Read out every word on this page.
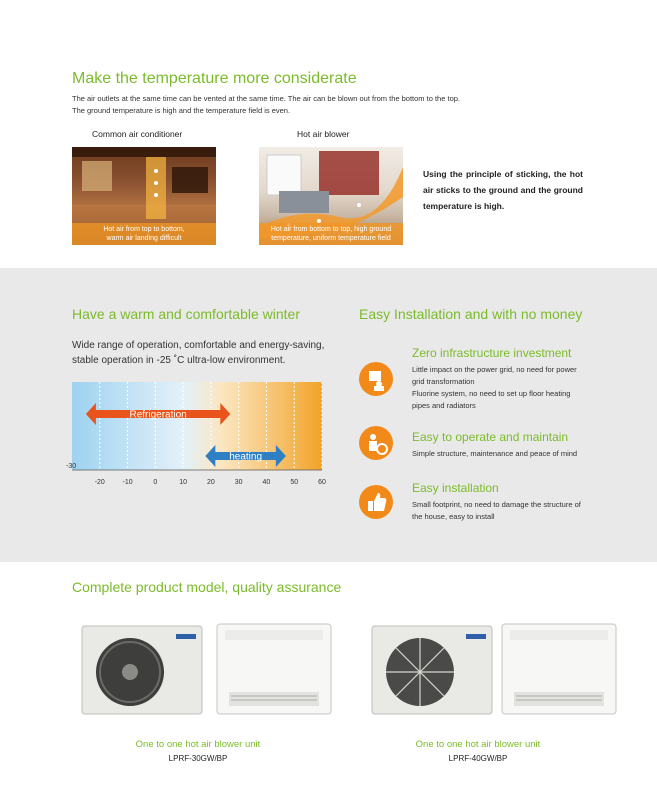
Make the temperature more considerate
The air outlets at the same time can be vented at the same time. The air can be blown out from the bottom to the top.
The ground temperature is high and the temperature field is even.
Common air conditioner	Hot air blower
Hot air from top to bottom,
warm air landing difficult
Hot air from bottom to top, high ground
temperature, uniform temperature field
Using the principle of sticking, the hot air sticks to the ground and the ground temperature is high.
Have a warm and comfortable winter
Wide range of operation, comfortable and energy-saving,
stable operation in -25 ˚C ultra-low environment.
Refrigeration
heating
-20	-10	0	10	20	30	40	50	60
-30
Easy Installation and with no money
Zero infrastructure investment
Little impact on the power grid, no need for power
grid transformation
Fluorine system, no need to set up floor heating
pipes and radiators
Easy to operate and maintain
Simple structure, maintenance and peace of mind
Easy installation
Small footprint, no need to damage the structure of
the house, easy to install
Complete product model, quality assurance
One to one hot air blower unit
LPRF-30GW/BP
One to one hot air blower unit
LPRF-40GW/BP
